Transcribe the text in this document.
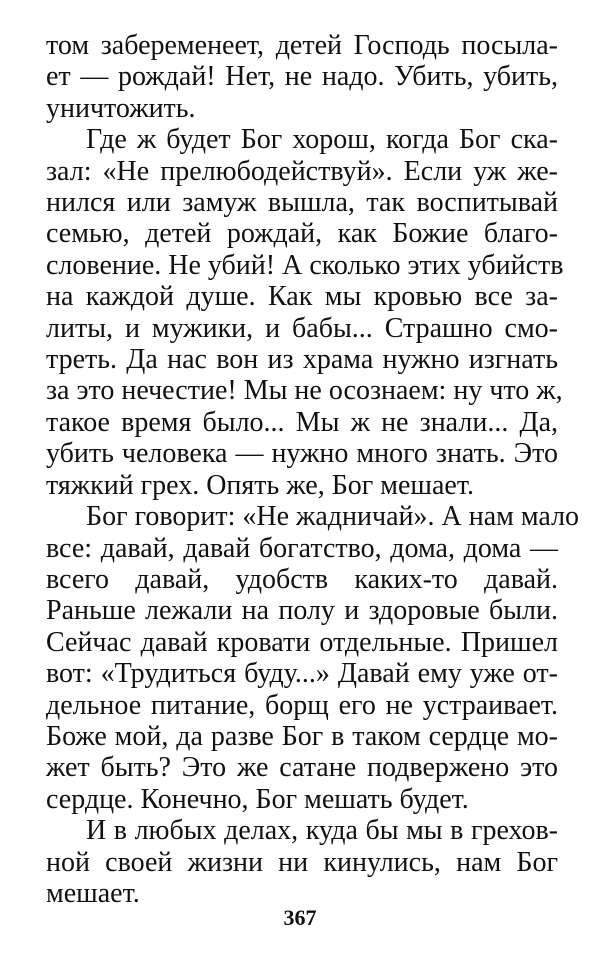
том забеременеет, детей Господь посыла-
ет — рождай! Нет, не надо. Убить, убить,
уничтожить.
Где ж будет Бог хорош, когда Бог ска-
зал: «Не прелюбодействуй». Если уж же-
нился или замуж вышла, так воспитывай
семью, детей рождай, как Божие благо-
словение. Не убий! А сколько этих убийств
на каждой душе. Как мы кровью все за-
литы, и мужики, и бабы... Страшно смо-
треть. Да нас вон из храма нужно изгнать
за это нечестие! Мы не осознаем: ну что ж,
такое время было... Мы ж не знали... Да,
убить человека — нужно много знать. Это
тяжкий грех. Опять же, Бог мешает.
Бог говорит: «Не жадничай». А нам мало
все: давай, давай богатство, дома, дома —
всего давай, удобств каких-то давай.
Раньше лежали на полу и здоровые были.
Сейчас давай кровати отдельные. Пришел
вот: «Трудиться буду...» Давай ему уже от-
дельное питание, борщ его не устраивает.
Боже мой, да разве Бог в таком сердце мо-
жет быть? Это же сатане подвержено это
сердце. Конечно, Бог мешать будет.
И в любых делах, куда бы мы в грехов-
ной своей жизни ни кинулись, нам Бог
мешает.
367
